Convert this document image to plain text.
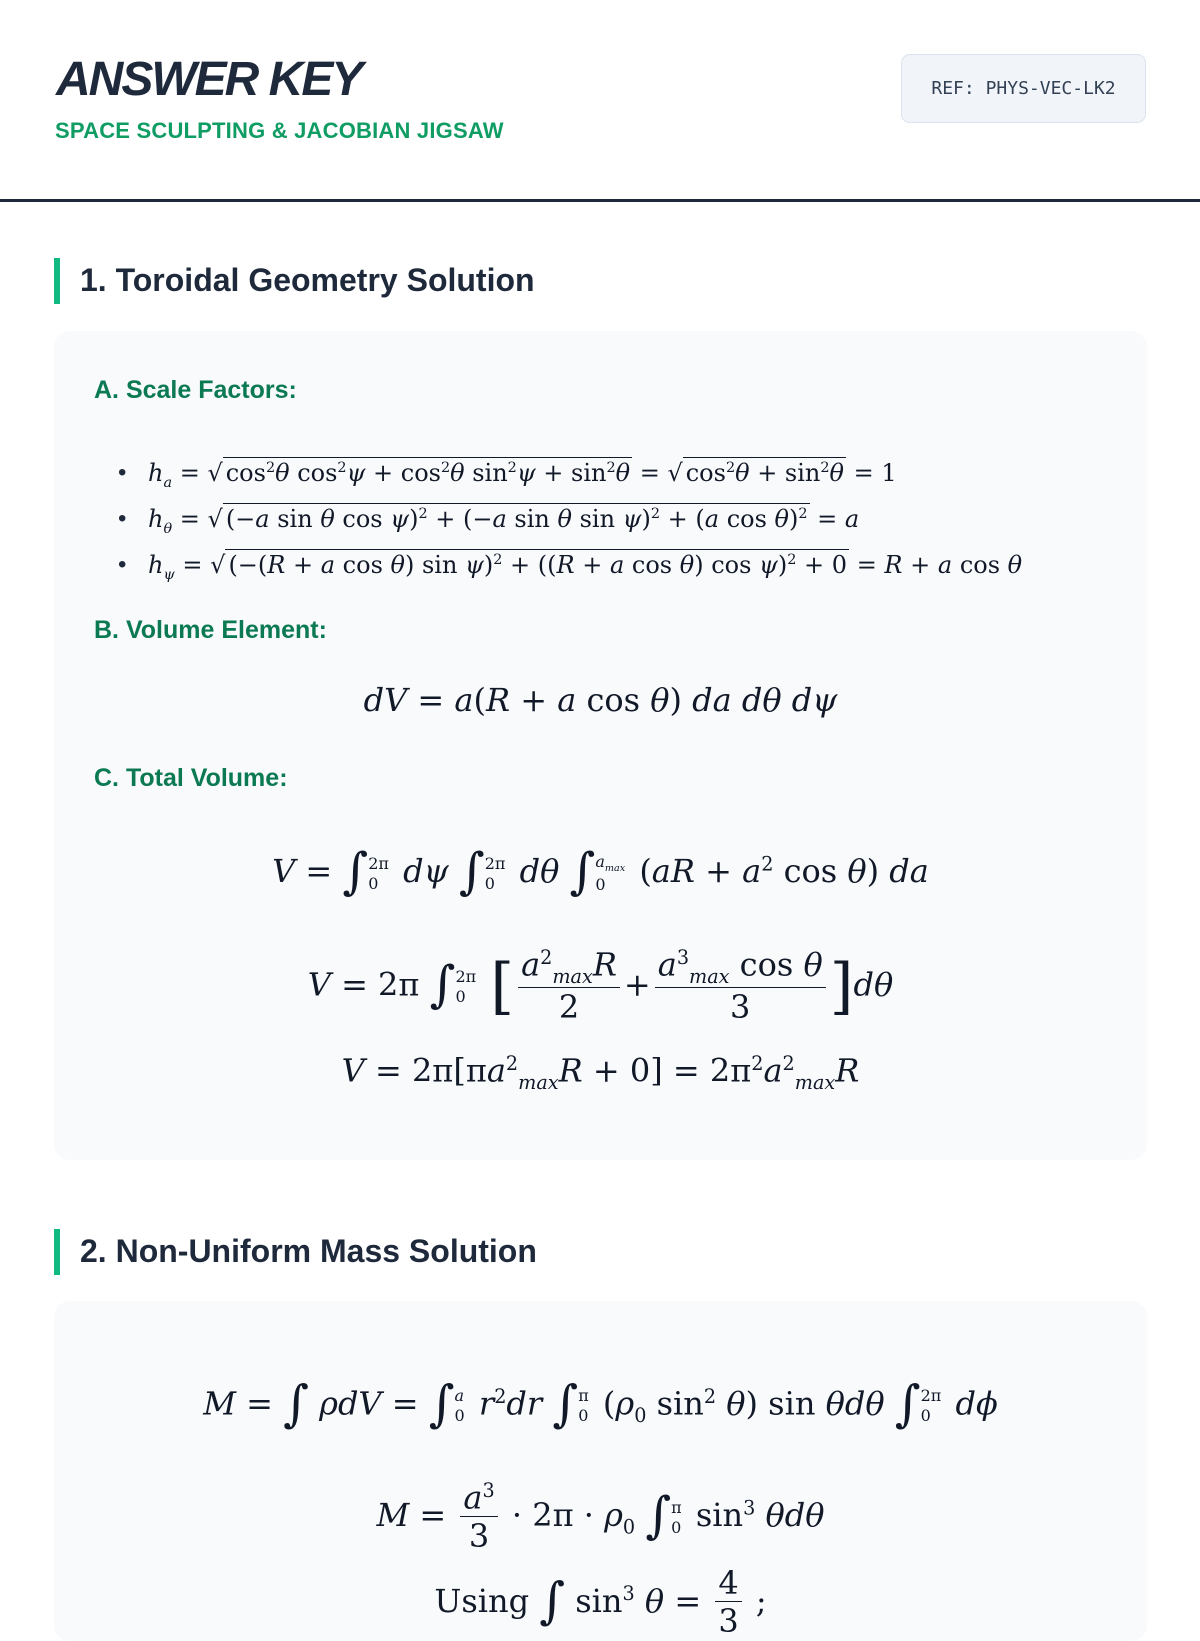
ANSWER KEY
SPACE SCULPTING & JACOBIAN JIGSAW
REF:
PHYS-VEC-LK2
1. Toroidal Geometry Solution
A. Scale Factors:
• $h_a$ = √ $\cos^2\theta$ $\cos^2\psi + \cos^2\theta$ $\sin^2\psi + \sin^2\theta$ = √ $\cos^2\theta + \sin^2\theta = 1$
• $h_\theta$ = √ (−a sin θ cos ψ)$^2$ + (−a sin θ sin ψ)$^2$ + (a cos θ)$^2$ = a
• $h_\psi$ = √ (−(R + a cos θ) sin ψ)$^2$ + ((R + a cos θ) cos ψ)$^2$ + 0 = R + a cos θ
B. Volume Element:
dV = a(R + a cos θ) da dθ dψ
C. Total Volume:
V = ∫2π
0 dψ ∫2π
0 dθ $\int a_{max}$
0 ($aR + a^2$ cos θ) da
V = 2π ∫2π
0 [ $\frac{a^2_{max}R}{2} + \frac{a^3_{max} \cos \theta}{3} ]d\theta$
$V = 2\pi[\pi a^2_{max}R + 0] = 2\pi^2a^2_{max}R$
2. Non-Uniform Mass Solution
M = ∫ ρdV = ∫a
0 $r^2dr$ ∫π
0 ($\rho_0$ $\sin^2 \theta$) sin θdθ ∫2π
0 dϕ
$M = \frac{a^3}{3} \cdot 2\pi \cdot \rho_0$ ∫π
0 $\sin^3 \theta d\theta$
Using ∫ $\sin^3 \theta = \frac{4}{3}$ ;
